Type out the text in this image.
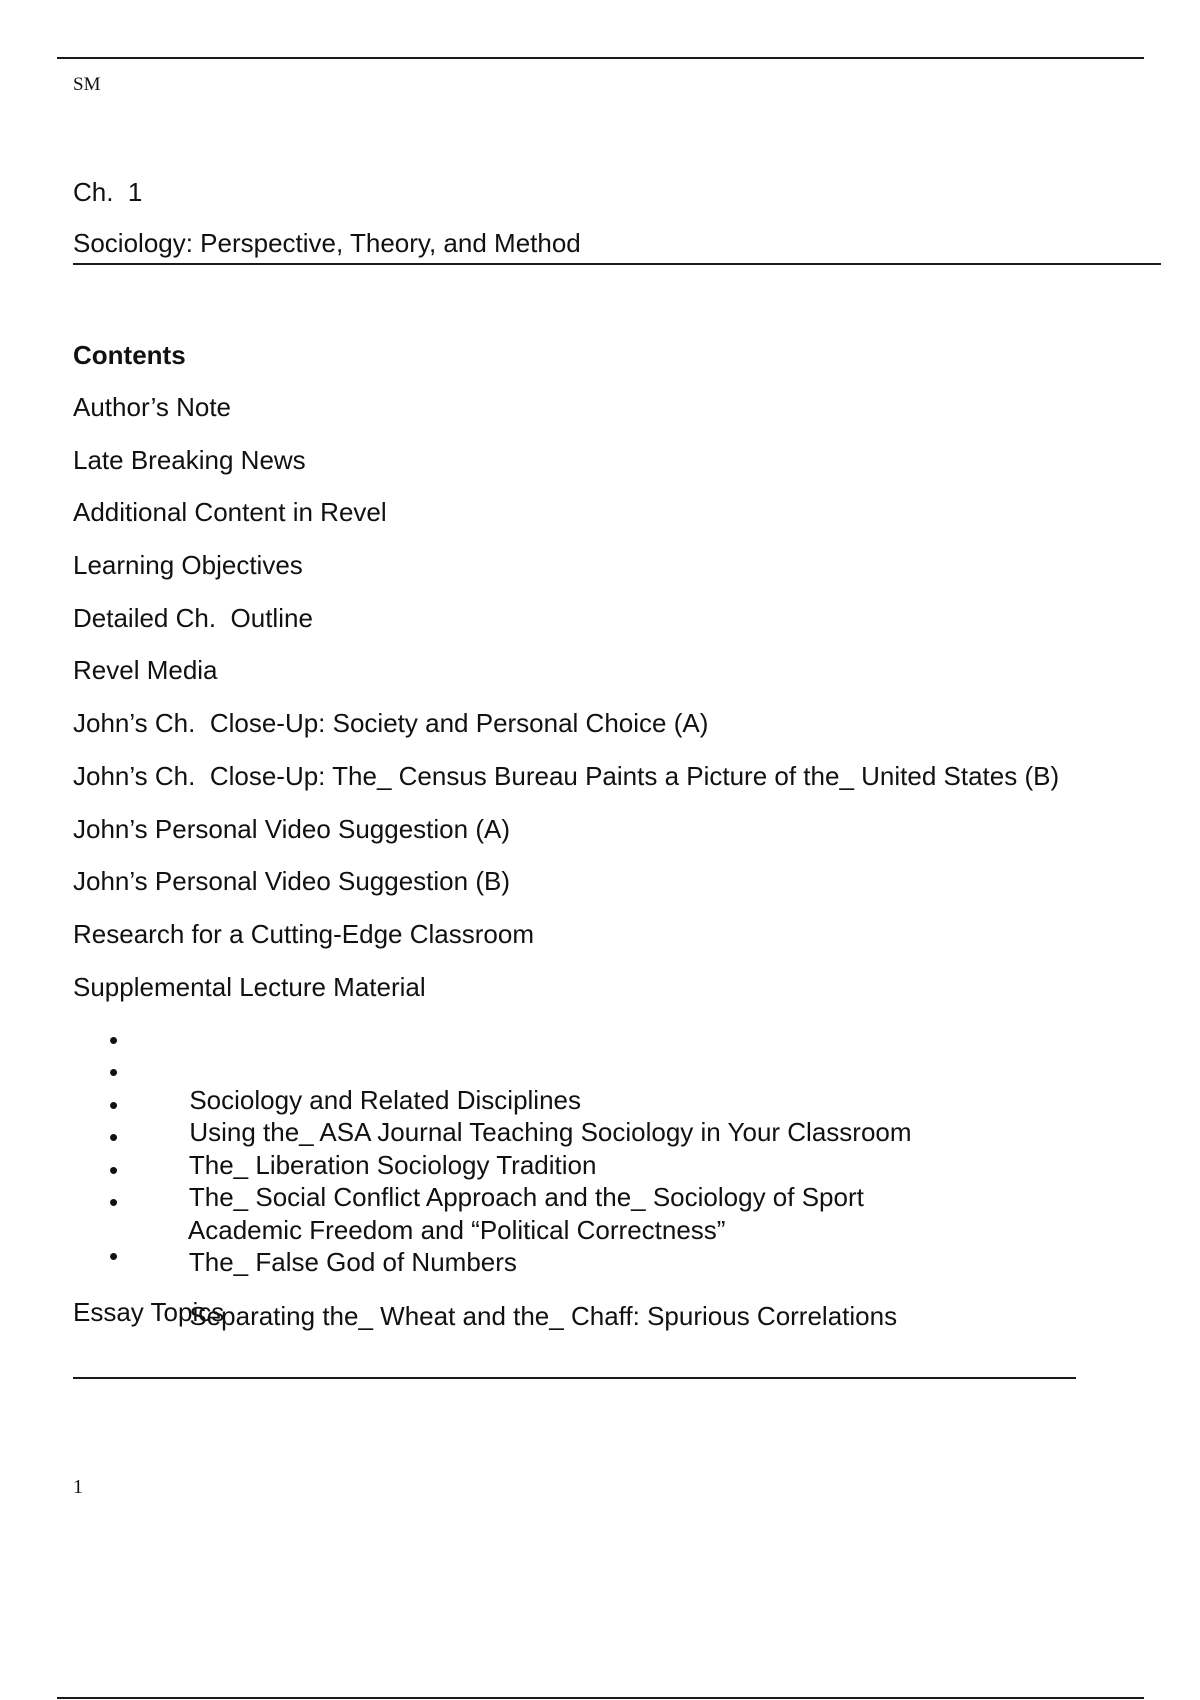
SM
Ch.  1
Sociology: Perspective, Theory, and Method
Contents
Author’s Note
Late Breaking News
Additional Content in Revel
Learning Objectives
Detailed Ch.  Outline
Revel Media
John’s Ch.  Close-Up: Society and Personal Choice (A)
John’s Ch.  Close-Up: The_ Census Bureau Paints a Picture of the_ United States (B)
John’s Personal Video Suggestion (A)
John’s Personal Video Suggestion (B)
Research for a Cutting-Edge Classroom
Supplemental Lecture Material

•

Sociology and Related Disciplines

•

Using the_ ASA Journal Teaching Sociology in Your Classroom

•

The_ Liberation Sociology Tradition

•

The_ Social Conflict Approach and the_ Sociology of Sport

•

Academic Freedom and “Political Correctness”

•

The_ False God of Numbers

•

Separating the_ Wheat and the_ Chaff: Spurious Correlations

Essay Topics
1
